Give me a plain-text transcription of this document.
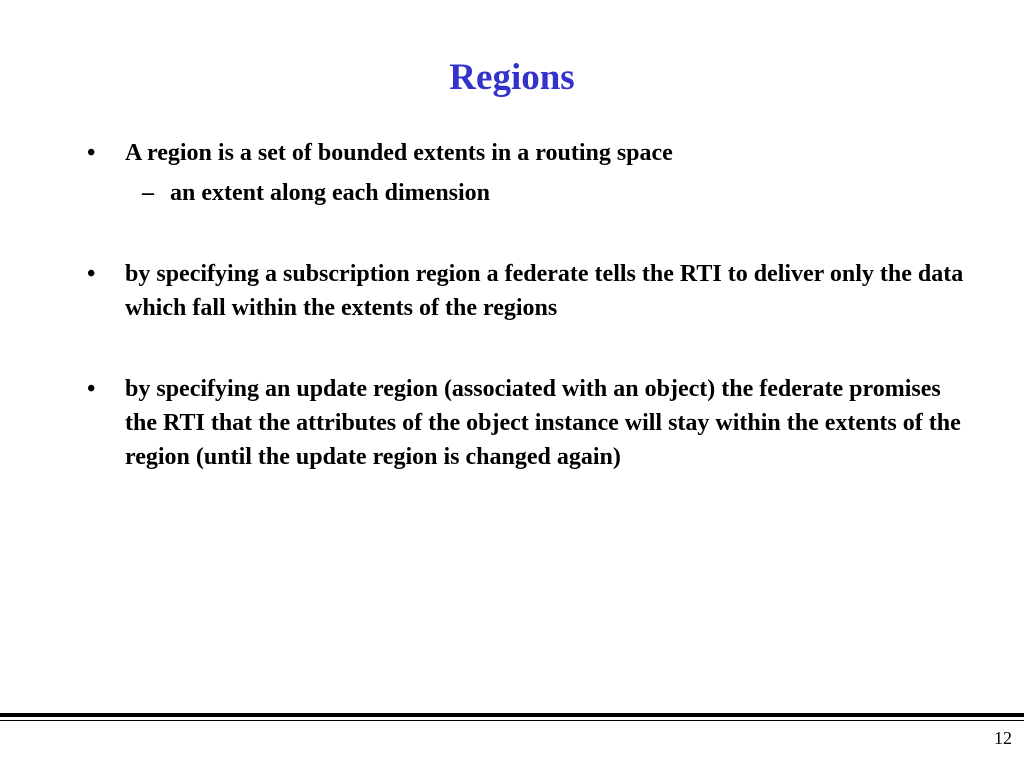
Regions

• A region is a set of bounded extents in a routing space

– an extent along each dimension

• by specifying a subscription region a federate tells the RTI to deliver only the data which fall within the extents of the regions

• by specifying an update region (associated with an object) the federate promises the RTI that the attributes of the object instance will stay within the extents of the region (until the update region is changed again)

12
